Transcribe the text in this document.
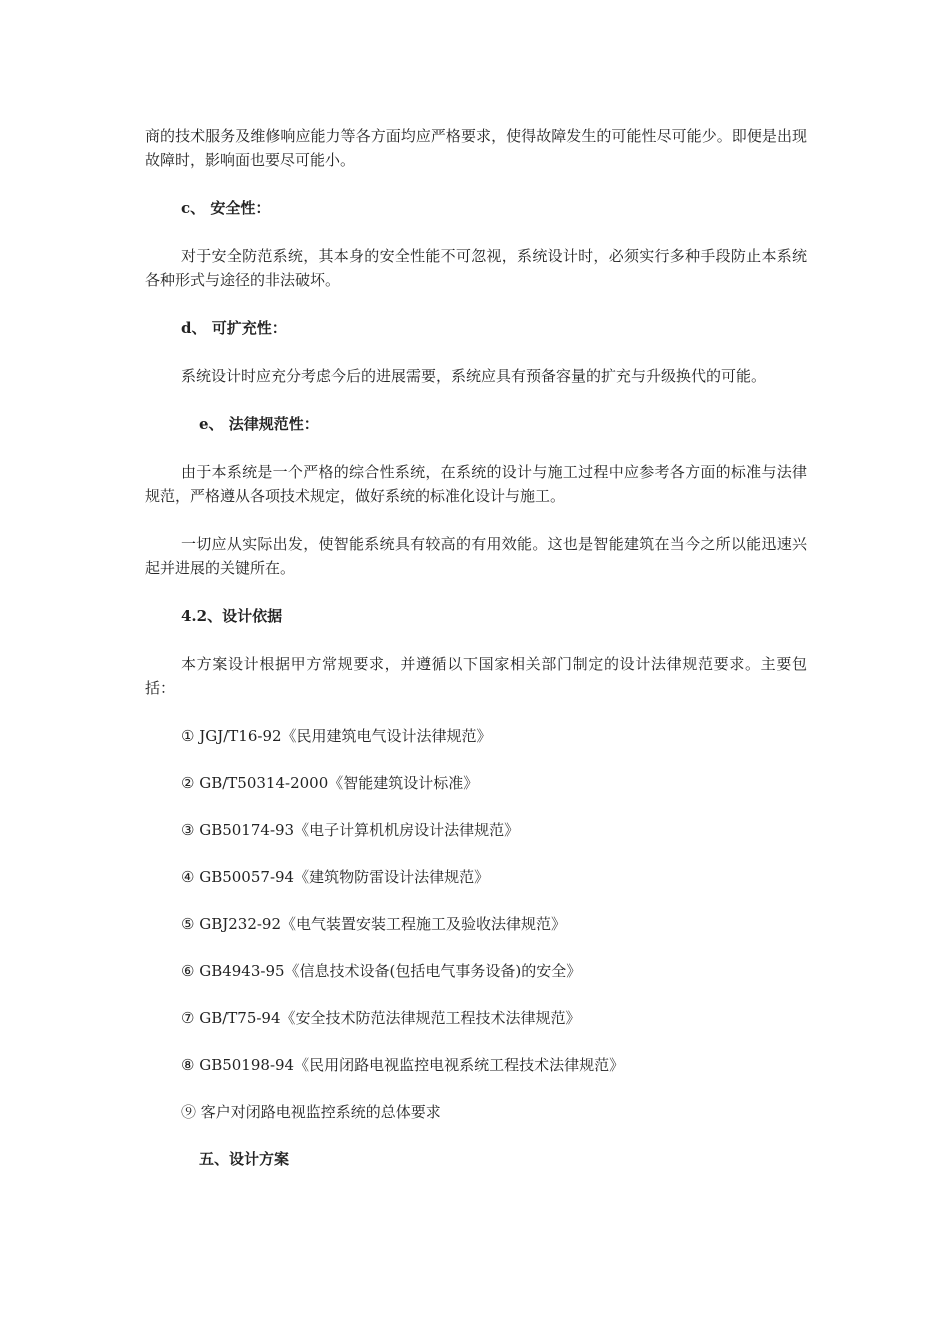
商的技术服务及维修响应能力等各方面均应严格要求，使得故障发生的可能性尽可能少。即便是出现故障时，影响面也要尽可能小。

c、 安全性：

对于安全防范系统，其本身的安全性能不可忽视，系统设计时，必须实行多种手段防止本系统各种形式与途径的非法破坏。

d、 可扩充性：

系统设计时应充分考虑今后的进展需要，系统应具有预备容量的扩充与升级换代的可能。

e、 法律规范性：

由于本系统是一个严格的综合性系统，在系统的设计与施工过程中应参考各方面的标准与法律规范，严格遵从各项技术规定，做好系统的标准化设计与施工。

一切应从实际出发，使智能系统具有较高的有用效能。这也是智能建筑在当今之所以能迅速兴起并进展的关键所在。

4.2、设计依据

本方案设计根据甲方常规要求，并遵循以下国家相关部门制定的设计法律规范要求。主要包括：

① JGJ/T16-92《民用建筑电气设计法律规范》
② GB/T50314-2000《智能建筑设计标准》
③ GB50174-93《电子计算机机房设计法律规范》
④ GB50057-94《建筑物防雷设计法律规范》
⑤ GBJ232-92《电气装置安装工程施工及验收法律规范》
⑥ GB4943-95《信息技术设备(包括电气事务设备)的安全》
⑦ GB/T75-94《安全技术防范法律规范工程技术法律规范》
⑧ GB50198-94《民用闭路电视监控电视系统工程技术法律规范》
⑨ 客户对闭路电视监控系统的总体要求
五、设计方案
